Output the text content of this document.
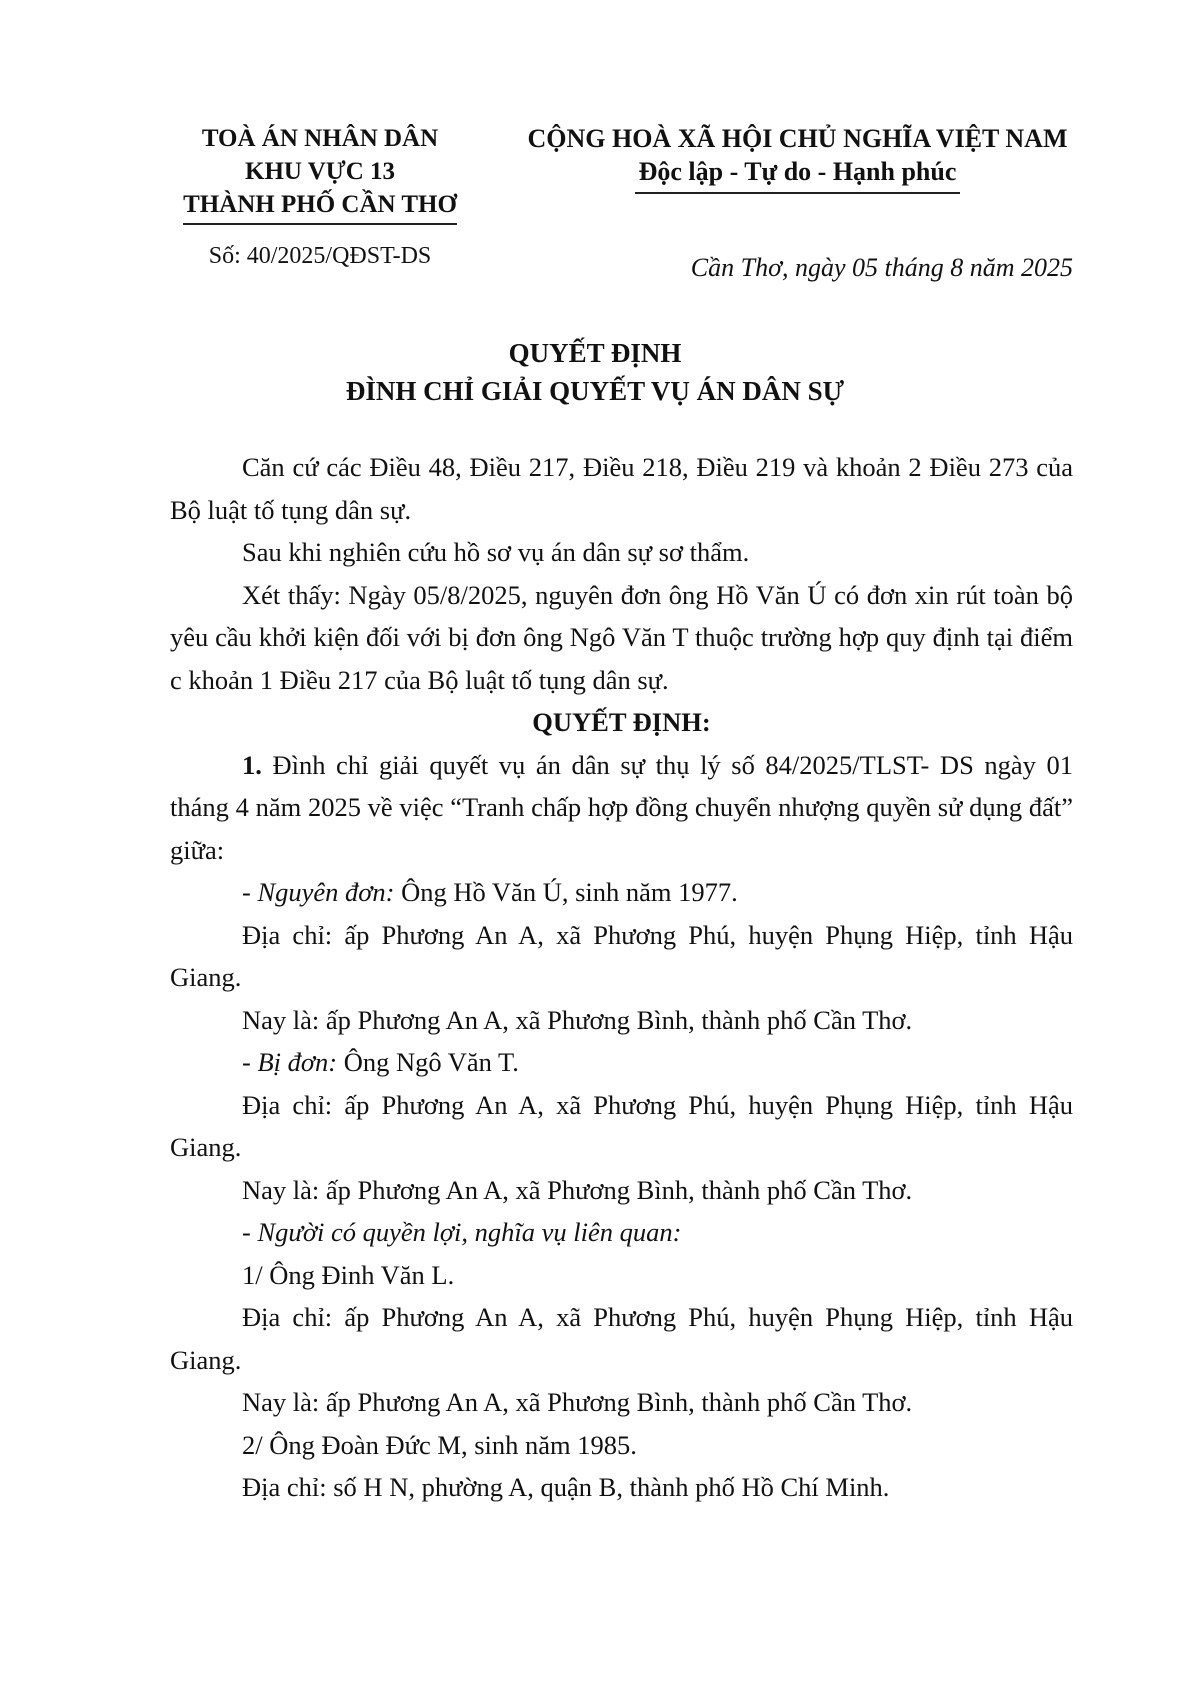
TOÀ ÁN NHÂN DÂN
KHU VỰC 13
THÀNH PHỐ CẦN THƠ
Số: 40/2025/QĐST-DS
CỘNG HOÀ XÃ HỘI CHỦ NGHĨA VIỆT NAM
Độc lập - Tự do - Hạnh phúc
Cần Thơ, ngày 05 tháng 8 năm 2025
QUYẾT ĐỊNH
ĐÌNH CHỈ GIẢI QUYẾT VỤ ÁN DÂN SỰ

Căn cứ các Điều 48, Điều 217, Điều 218, Điều 219 và khoản 2 Điều 273 của Bộ luật tố tụng dân sự.

Sau khi nghiên cứu hồ sơ vụ án dân sự sơ thẩm.

Xét thấy: Ngày 05/8/2025, nguyên đơn ông Hồ Văn Ú có đơn xin rút toàn bộ yêu cầu khởi kiện đối với bị đơn ông Ngô Văn T thuộc trường hợp quy định tại điểm c khoản 1 Điều 217 của Bộ luật tố tụng dân sự.

QUYẾT ĐỊNH:

1. Đình chỉ giải quyết vụ án dân sự thụ lý số 84/2025/TLST- DS ngày 01 tháng 4 năm 2025 về việc “Tranh chấp hợp đồng chuyển nhượng quyền sử dụng đất” giữa:

- Nguyên đơn: Ông Hồ Văn Ú, sinh năm 1977.

Địa chỉ: ấp Phương An A, xã Phương Phú, huyện Phụng Hiệp, tỉnh Hậu Giang.

Nay là: ấp Phương An A, xã Phương Bình, thành phố Cần Thơ.

- Bị đơn: Ông Ngô Văn T.

Địa chỉ: ấp Phương An A, xã Phương Phú, huyện Phụng Hiệp, tỉnh Hậu Giang.

Nay là: ấp Phương An A, xã Phương Bình, thành phố Cần Thơ.

- Người có quyền lợi, nghĩa vụ liên quan:

1/ Ông Đinh Văn L.

Địa chỉ: ấp Phương An A, xã Phương Phú, huyện Phụng Hiệp, tỉnh Hậu Giang.

Nay là: ấp Phương An A, xã Phương Bình, thành phố Cần Thơ.

2/ Ông Đoàn Đức M, sinh năm 1985.

Địa chỉ: số H N, phường A, quận B, thành phố Hồ Chí Minh.
